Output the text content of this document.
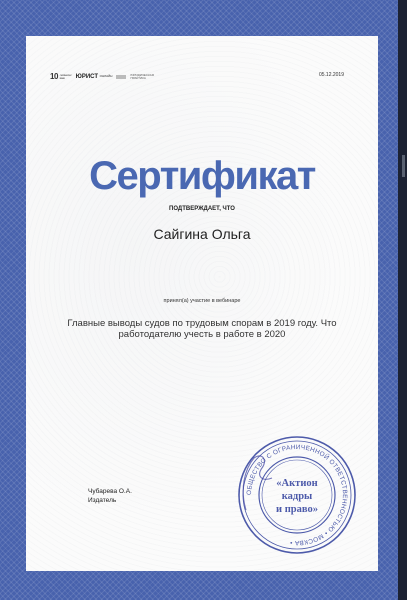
10 лет вместе с вами	ЮРИСТ $^{ОНЛАЙН}$	ЮРИДИЧЕСКАЯ ПРАКТИКА	05.12.2019
Сертификат
ПОДТВЕРЖДАЕТ, ЧТО
Сайгина Ольга
принял(а) участие в вебинаре
Главные выводы судов по трудовым спорам в 2019 году. Что работодателю учесть в работе в 2020
Чубарева О.А.
Издатель
ОБЩЕСТВО С ОГРАНИЧЕННОЙ ОТВЕТСТВЕННОСТЬЮ • МОСКВА •
«Актион
кадры
и право»
